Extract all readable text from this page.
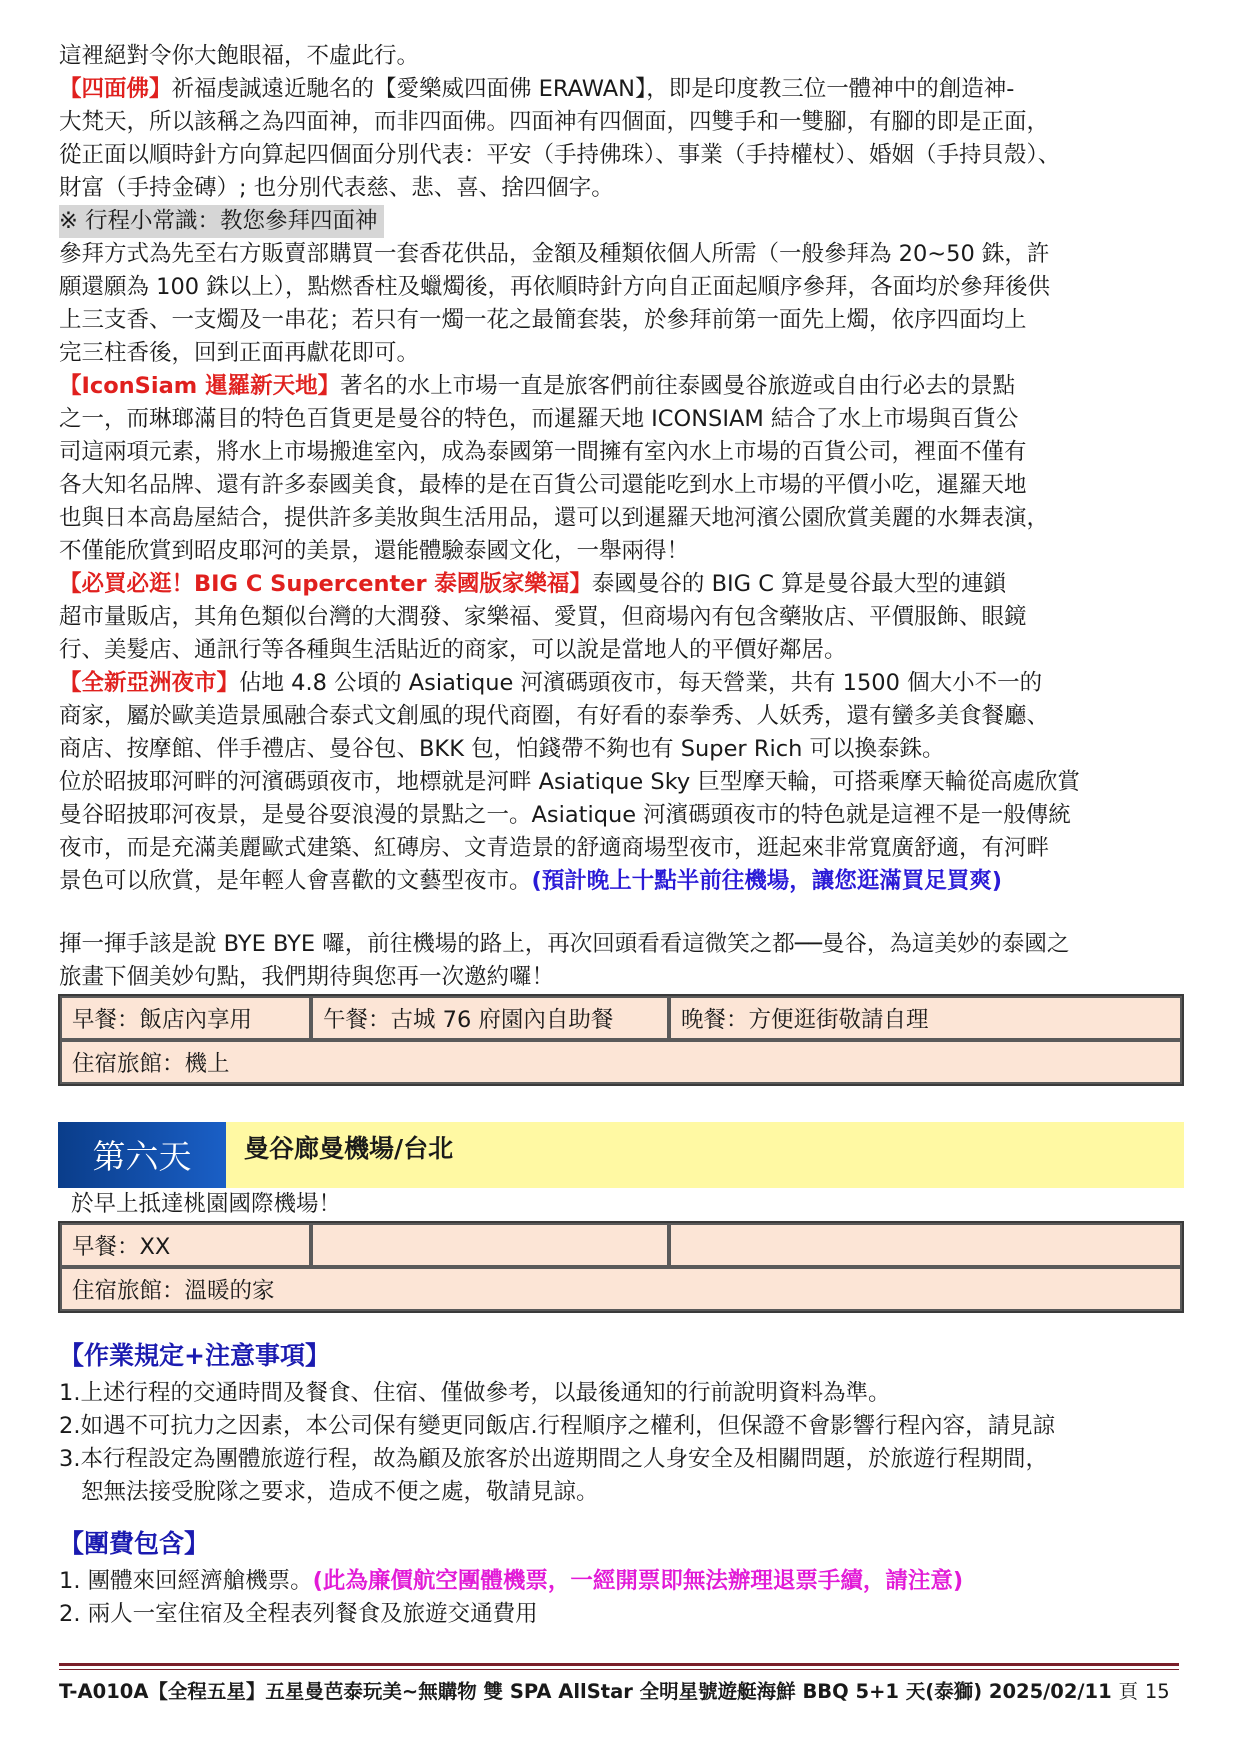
這裡絕對令你大飽眼福，不虛此行。

【四面佛】祈福虔誠遠近馳名的【愛樂威四面佛 ERAWAN】，即是印度教三位一體神中的創造神-

大梵天，所以該稱之為四面神，而非四面佛。四面神有四個面，四雙手和一雙腳，有腳的即是正面，

從正面以順時針方向算起四個面分別代表：平安（手持佛珠）、事業（手持權杖）、婚姻（手持貝殼）、

財富（手持金磚）; 也分別代表慈、悲、喜、捨四個字。

※ 行程小常識：教您參拜四面神

參拜方式為先至右方販賣部購買一套香花供品，金額及種類依個人所需（一般參拜為 20~50 銖，許

願還願為 100 銖以上），點燃香柱及蠟燭後，再依順時針方向自正面起順序參拜，各面均於參拜後供

上三支香、一支燭及一串花；若只有一燭一花之最簡套裝，於參拜前第一面先上燭，依序四面均上

完三柱香後，回到正面再獻花即可。

【IconSiam 暹羅新天地】著名的水上市場一直是旅客們前往泰國曼谷旅遊或自由行必去的景點

之一，而琳瑯滿目的特色百貨更是曼谷的特色，而暹羅天地 ICONSIAM 結合了水上市場與百貨公

司這兩項元素，將水上市場搬進室內，成為泰國第一間擁有室內水上市場的百貨公司，裡面不僅有

各大知名品牌、還有許多泰國美食，最棒的是在百貨公司還能吃到水上市場的平價小吃，暹羅天地

也與日本高島屋結合，提供許多美妝與生活用品，還可以到暹羅天地河濱公園欣賞美麗的水舞表演，

不僅能欣賞到昭皮耶河的美景，還能體驗泰國文化，一舉兩得！

【必買必逛！BIG C Supercenter 泰國版家樂福】泰國曼谷的 BIG C 算是曼谷最大型的連鎖

超市量販店，其角色類似台灣的大潤發、家樂福、愛買，但商場內有包含藥妝店、平價服飾、眼鏡

行、美髮店、通訊行等各種與生活貼近的商家，可以說是當地人的平價好鄰居。

【全新亞洲夜市】佔地 4.8 公頃的 Asiatique 河濱碼頭夜市，每天營業，共有 1500 個大小不一的

商家，屬於歐美造景風融合泰式文創風的現代商圈，有好看的泰拳秀、人妖秀，還有蠻多美食餐廳、

商店、按摩館、伴手禮店、曼谷包、BKK 包，怕錢帶不夠也有 Super Rich 可以換泰銖。

位於昭披耶河畔的河濱碼頭夜市，地標就是河畔 Asiatique Sky 巨型摩天輪，可搭乘摩天輪從高處欣賞

曼谷昭披耶河夜景，是曼谷耍浪漫的景點之一。Asiatique 河濱碼頭夜市的特色就是這裡不是一般傳統

夜市，而是充滿美麗歐式建築、紅磚房、文青造景的舒適商場型夜市，逛起來非常寬廣舒適，有河畔

景色可以欣賞，是年輕人會喜歡的文藝型夜市。(預計晚上十點半前往機場，讓您逛滿買足買爽)

揮一揮手該是說 BYE BYE 囉，前往機場的路上，再次回頭看看這微笑之都──曼谷，為這美妙的泰國之

旅畫下個美妙句點，我們期待與您再一次邀約囉！

早餐：飯店內享用	午餐：古城 76 府園內自助餐	晚餐：方便逛街敬請自理
住宿旅館：機上
第六天	曼谷廊曼機場/台北

於早上抵達桃園國際機場！

早餐：XX		
住宿旅館：溫暖的家
【作業規定+注意事項】

1.上述行程的交通時間及餐食、住宿、僅做參考，以最後通知的行前說明資料為準。

2.如遇不可抗力之因素，本公司保有變更同飯店.行程順序之權利，但保證不會影響行程內容，請見諒

3.本行程設定為團體旅遊行程，故為顧及旅客於出遊期間之人身安全及相關問題，於旅遊行程期間，

恕無法接受脫隊之要求，造成不便之處，敬請見諒。

【團費包含】

1. 團體來回經濟艙機票。(此為廉價航空團體機票，一經開票即無法辦理退票手續，請注意)

2. 兩人一室住宿及全程表列餐食及旅遊交通費用

T-A010A【全程五星】五星曼芭泰玩美~無購物 雙 SPA AllStar 全明星號遊艇海鮮 BBQ 5+1 天(泰獅) 2025/02/11 頁 15
